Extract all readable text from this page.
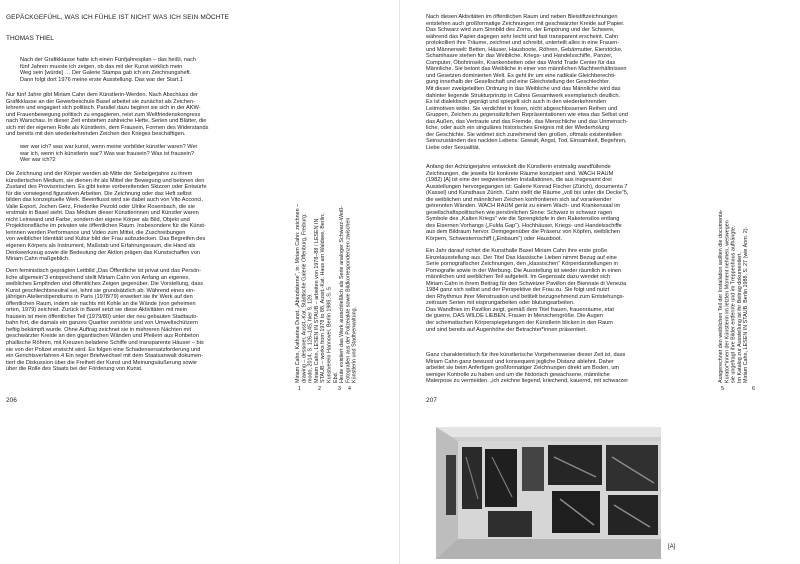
GEPÄCKGEFÜHL, WAS ICH FÜHLE IST NICHT WAS ICH SEIN MÖCHTE
THOMAS THIEL

Nach der Grafikklasse hatte ich einen Fünfjahresplan – das heißt, nach
fünf Jahren musste ich zeigen, ob das mit der Kunst wirklich mein
Weg sein [würde] … Der Galerie Stampa gab ich ein Zeichnungsheft.
Dann folgt dort 1976 meine erste Ausstellung. Das war der Start.1

Nur fünf Jahre gibt Miriam Cahn dem Künstlerin-Werden. Nach Abschluss der
Grafikklasse an der Gewerbeschule Basel arbeitet sie zunächst als Zeichen-
lehrerin und engagiert sich politisch. Parallel dazu beginnt sie sich in der AKW-
und Frauenbewegung politisch zu engagieren, reist zum Weltfriedenskongress
nach Warschau. In dieser Zeit entstehen zahlreiche Hefte, Serien und Blätter, die
sich mit der eigenen Rolle als Künstlerin, dem Frausein, Formen des Widerstands
und bereits mit den wiederkehrenden Zeichen des Krieges beschäftigen.

wer war ich? was war kunst, wenn meine vorbilder künstler waren? Wer
war ich, wenn ich künstlerin war? Was war frausein? Was ist frausein?
Wer war ich?2

Die Zeichnung und der Körper werden ab Mitte der Siebzigerjahre zu ihrem
künstlerischen Medium, sie dienen ihr als Mittel der Bewegung und betonen den
Zustand des Provisorischen. Es gibt keine vorbereitenden Skizzen oder Entwürfe
für die vorwiegend figurativen Arbeiten. Die Zeichnung oder das Heft selbst
bilden das konzeptuelle Werk. Beeinflusst wird sie dabei auch von Vito Acconci,
Valie Export, Jochen Gerz, Friederike Pezold oder Ulrike Rosenbach, die sie
erstmals in Basel sieht. Das Medium dieser Künstlerinnen und Künstler waren
nicht Leinwand und Farbe, sondern der eigene Körper als Bild, Objekt und
Projektionsfläche im privaten wie öffentlichen Raum. Insbesondere für die Künst-
lerinnen werden Performance und Video zum Mittel, die Zuschreibungen
von weiblicher Identität und Kultur bild der Frau aufzudecken. Das Begreifen des
eigenen Körpers als Instrument, Maßstab und Erfahrungsraum, die Hand als
Denkwerkzeug sowie die Bedeutung der Aktion prägen das Kunstschaffen von
Miriam Cahn maßgeblich.

Dem feministisch geprägten Leitbild „Das Öffentliche ist privat und das Persön-
liche allgemein“3 entsprechend stellt Miriam Cahn von Anfang an eigenes,
weibliches Empfinden und öffentliches Zeigen gegenüber. Die Vorstellung, dass
Kunst geschlechtsneutral sei, lehnt sie grundsätzlich ab. Während eines ein-
jährigen Atelierstipendiums in Paris (1978/79) erweitert sie ihr Werk auf den
öffentlichen Raum, indem sie nachts mit Kohle an die Wände (von geheimen
orten, 1979) zeichnet. Zurück in Basel setzt sie diese Aktivitäten mit mein
frausein ist mein öffentlicher Teil (1979/80) unter der neu gebauten Stadtauto-
bahn fort, die damals ein ganzes Quartier zerstörte und von Umweltschützern
heftig bekämpft wurde. Ohne Auftrag zeichnet sie in mehreren Nächten mit
geschwärzter Kreide an den gigantischen Wänden und Pfeilern aus Rohbeton
phallische Röhren, mit Kreuzen beladene Schiffe und transparente Häuser – bis
sie von der Polizei erwischt wird. Es folgen eine Schadensersatzforderung und
ein Gerichtsverfahren.4 Ein reger Briefwechsel mit dem Staatsanwalt dokumen-
tiert die Diskussion über die Freiheit der Kunst und Meinungsäußerung sowie
über die Rolle des Staats bei der Förderung von Kunst.

206
Miriam Cahn, Katharina Dunst, „Abendsterne“, in: Miriam Cahn: zeichnen –
drawing – dessiner, Ausst.-Kat. Städtische Galerie Offenburg, Freiburg:
modo, 2014, S. 126–145, hier S. 129.
Miriam Cahn, LESEN IN STAUB – arbeiten von 1978–88 / LESEN IN
STAUB – works from 1978 to 88, Ausst.-Kat. Haus am Waldsee, Berlin;
Kunstverein Hannover, Berlin 1988, S. 5.
Ebd.
Heute existiert das Werk ausschließlich als Serie analoger Schwarz-Weiß-
Fotografien aus der Polizeiakte sowie Bildkorrespondenzen zwischen
Künstlerin und Stadtverwaltung.
1	2	3 4

Nach diesen Aktivitäten im öffentlichen Raum und neben Bleistiftzeichnungen
entstehen auch großformatige Zeichnungen mit geschwärzter Kreide auf Papier.
Das Schwarz wird zum Sinnbild des Zorns, der Empörung und der Schwere,
während das Papier dagegen sehr leicht und fast transparent erscheint. Cahn
protokolliert ihre Träume, zeichnet und schreibt, unterteilt alles in eine Frauen-
und Männerwelt: Betten, Häuser, Hausboote, Röhren, Gebärmutter, Eierstöcke,
Schamhaare stehen für das Weibliche. Kriegs- und Handelsschiffe, Panzer,
Computer, Öbohrinseln, Krankenbetten oder das World Trade Center für das
Männliche. Sie betont das Weibliche in einer von männlichen Machtverhältnissen
und Gesetzen dominierten Welt. Es geht ihr um eine radikale Gleichberechti-
gung innerhalb der Gesellschaft und eine Gleichstellung der Geschlechter.
Mit dieser zweigeteilten Ordnung in das Weibliche und das Männliche wird das
dahinter liegende Strukturprinzip in Cahns Gesamtwerk exemplarisch deutlich.
Es ist dialektisch geprägt und spiegelt sich auch in den wiederkehrenden
Leitmotiven wider. Sie verdichtet in losen, nicht abgeschlossenen Reihen und
Gruppen, Zeichen zu gegensätzlichen Repräsentationen wie etwa das Selbst und
das Außen, das Vertraute und das Fremde, das Menschliche und das Unmensch-
liche, oder auch ein singuläres historisches Ereignis mit der Wiederholung
der Geschichte. Sie widmet sich zunehmend den großen, oftmals existentiellen
Seinszuständen des nackten Lebens: Gewalt, Angst, Tod, Einsamkeit, Begehren,
Liebe oder Sexualität.

Anfang der Achtzigerjahre entwickelt die Künstlerin erstmalig wandfüllende
Zeichnungen, die jeweils für konkrete Räume konzipiert sind. WACH RAUM
(1982) [A] ist eine der wegweisenden Installationen, die aus insgesamt drei
Ausstellungen hervorgegangen ist: Galerie Konrad Fischer (Zürich), documenta 7
(Kassel) und Kunsthaus Zürich. Cahn stellt die Räume „voll bis unter die Decke“5,
die weiblichen und männlichen Zeichen konfrontieren sich auf vorankender
getrennten Wänden. WACH RAUM gerät zu einem Wach- und Krankensaal im
gesellschaftspolitischen wie persönlichen Sinne: Schwarz in schwarz ragen
Symbole des „Kalten Kriegs“ wie die Sprengköpfe in den Raketensilos entlang
des Eisernen Vorhangs („Fulda Gap“). Hochhäuser, Kriegs- und Handelsschiffe
aus dem Bildraum hervor. Demgegenüber die Präsenz von Köpfen, weiblichen
Körpern, Schwesternschiff („Einbaum“) oder Hausboot.

Ein Jahr darauf richtet die Kunsthalle Basel Miriam Cahn ihre erste große
Einzelausstellung aus. Der Titel Das klassische Lieben nimmt Bezug auf eine
Serie pornografischer Zeichnungen, den „klassischen“ Körperdarstellungen in
Pornografie sowie in der Werbung. Die Ausstellung ist wieder räumlich in einen
männlichen und weiblichen Teil aufgeteilt. Im Gegensatz dazu wendet sich
Miriam Cahn in ihrem Beitrag für den Schweizer Pavillon der Biennale di Venezia
1984 ganz sich selbst und der Perspektive der Frau zu. Sie folgt und nutzt
den Rhythmus ihrer Menstruation und betitelt bezugnehmend zum Entstehungs-
zeitraum Serien mit eisprungarbeiten oder blutungsarbeiten.
Das Wandfries im Pavillon zeigt, gemäß dem Titel frauen, frauenräume, etat
de guerre, DAS WILDE LIEBEN, Frauen in Menschengröße. Die Augen
der schematischen Körperspiegelungen der Künstlerin blicken in den Raum
und sind bereits auf Augenhöhe der Betrachter*innen präsentiert.

Ganz charakteristisch für ihre künstlerische Vorgehensweise dieser Zeit ist, dass
Miriam Cahn ganz bewusst und konsequent jegliche Distanz ablehnt. Daher
arbeitet sie beim Anfertigen großformatiger Zeichnungen direkt am Boden, um
weniger Kontrolle zu haben und um die historisch gewachsene, männliche
Malerpose zu vermeiden. „ich zeichne liegend, kriechend, kauernd, mit schwarzer

207
Ausgerechnet den weiblichen Teil der Installation wollten die documenta-
Kurator*innen der Künstlerin im letzten Moment nehmen, weswegen
sie ungefragt ihre Bilder entfernte und im Treppenhaus aufhängte.
Im Katalog zur Ausstellung ist ihr Beitrag dokumentiert.
Miriam Cahn, LESEN IN STAUB, Berlin 1988, S. 27 (wie Anm. 2).
5	6
[A]
